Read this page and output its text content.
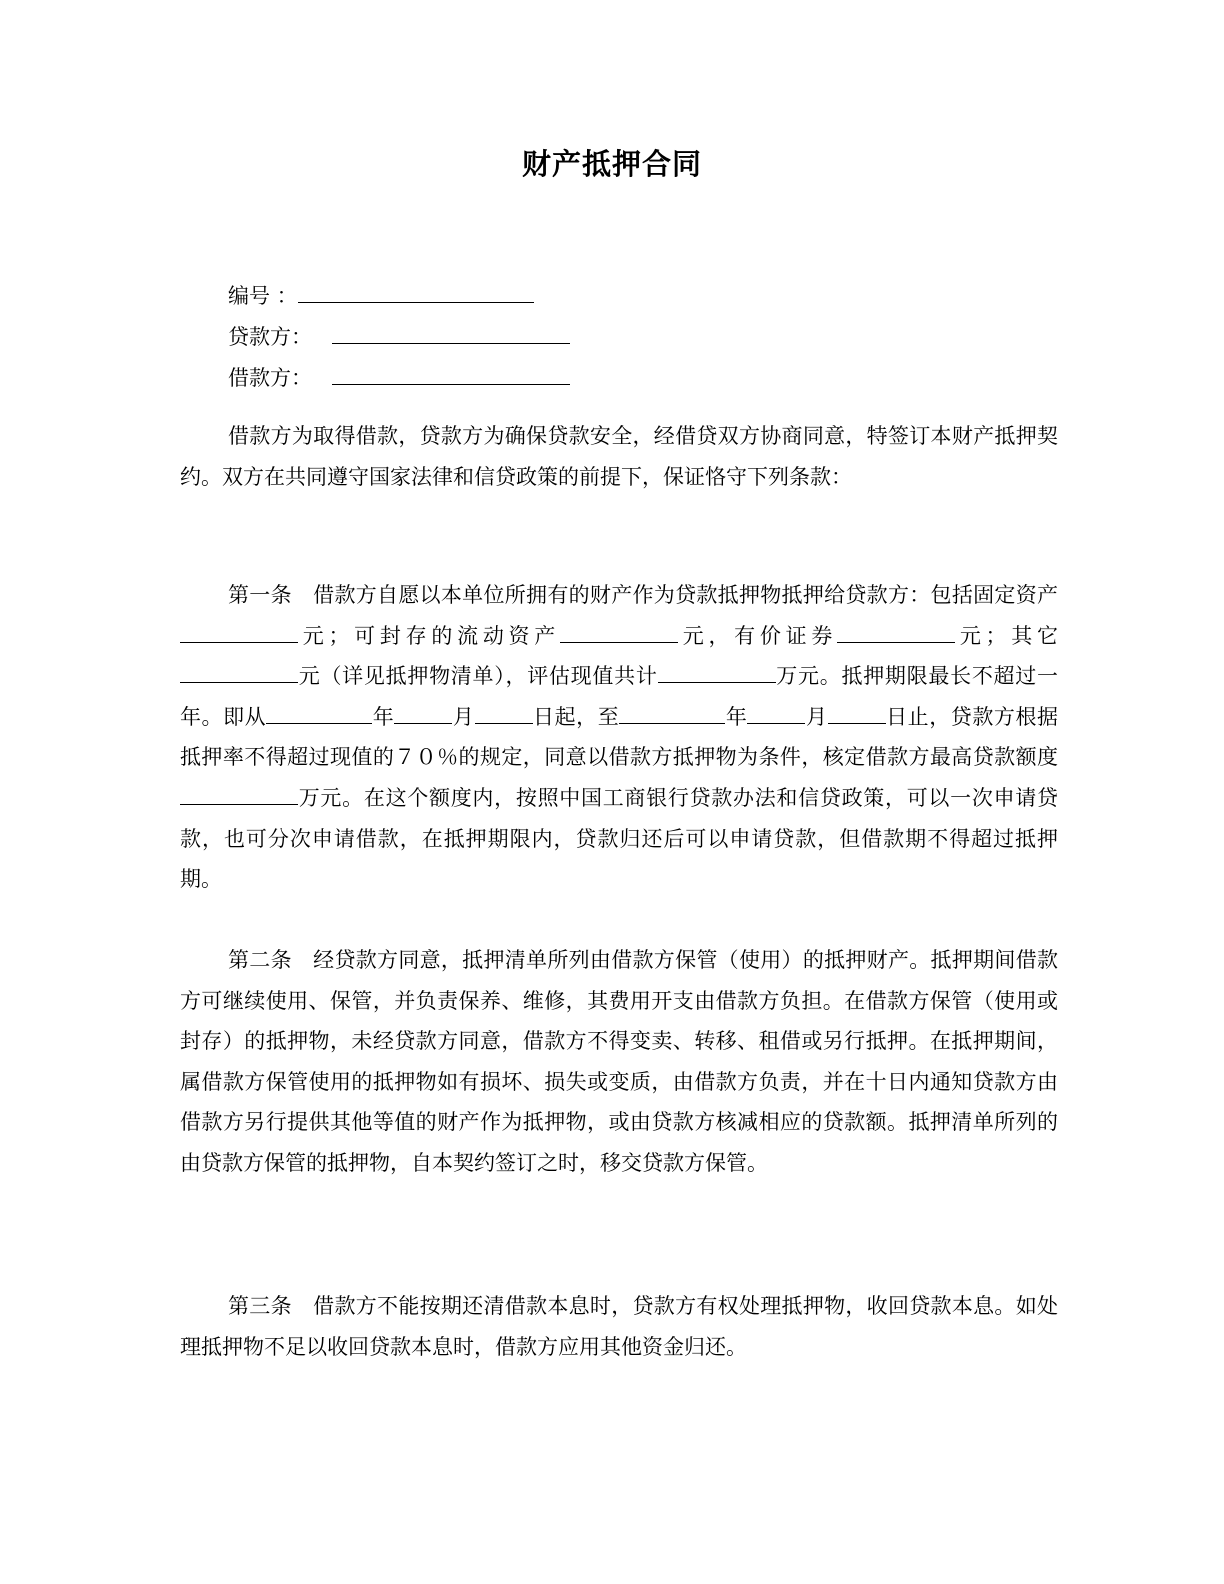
财产抵押合同
编号 ：
贷款方：
借款方：

借款方为取得借款，贷款方为确保贷款安全，经借贷双方协商同意，特签订本财产抵押契约。双方在共同遵守国家法律和信贷政策的前提下，保证恪守下列条款：

第一条　借款方自愿以本单位所拥有的财产作为贷款抵押物抵押给贷款方：包括固定资产元；可封存的流动资产	元，有价证券	元；其它元（详见抵押物清单），评估现值共计	万元。抵押期限最长不超过一年。即从	年	月	日起，至	年	月	日止，贷款方根据抵押率不得超过现值的７０％的规定，同意以借款方抵押物为条件，核定借款方最高贷款额度万元。在这个额度内，按照中国工商银行贷款办法和信贷政策，可以一次申请贷款，也可分次申请借款，在抵押期限内，贷款归还后可以申请贷款，但借款期不得超过抵押期。

第二条　经贷款方同意，抵押清单所列由借款方保管（使用）的抵押财产。抵押期间借款方可继续使用、保管，并负责保养、维修，其费用开支由借款方负担。在借款方保管（使用或封存）的抵押物，未经贷款方同意，借款方不得变卖、转移、租借或另行抵押。在抵押期间，属借款方保管使用的抵押物如有损坏、损失或变质，由借款方负责，并在十日内通知贷款方由借款方另行提供其他等值的财产作为抵押物，或由贷款方核减相应的贷款额。抵押清单所列的由贷款方保管的抵押物，自本契约签订之时，移交贷款方保管。

第三条　借款方不能按期还清借款本息时，贷款方有权处理抵押物，收回贷款本息。如处理抵押物不足以收回贷款本息时，借款方应用其他资金归还。
